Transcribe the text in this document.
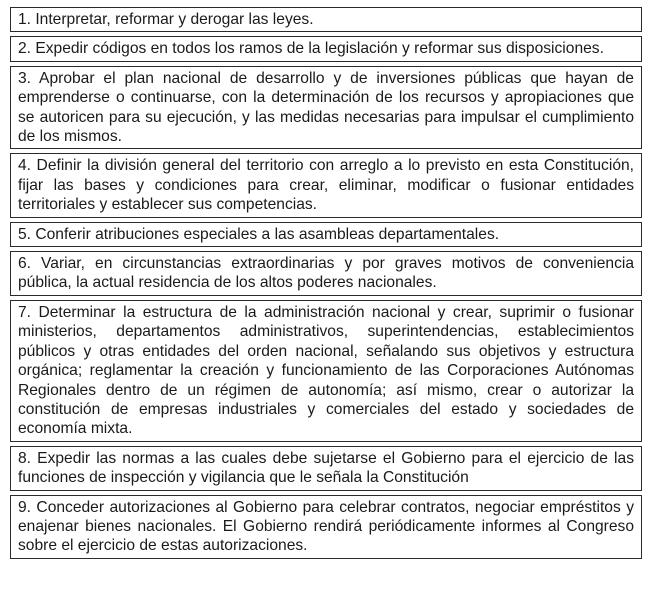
1. Interpretar, reformar y derogar las leyes.
2. Expedir códigos en todos los ramos de la legislación y reformar sus disposiciones.
3. Aprobar el plan nacional de desarrollo y de inversiones públicas que hayan de emprenderse o continuarse, con la determinación de los recursos y apropiaciones que se autoricen para su ejecución, y las medidas necesarias para impulsar el cumplimiento de los mismos.
4. Definir la división general del territorio con arreglo a lo previsto en esta Constitución, fijar las bases y condiciones para crear, eliminar, modificar o fusionar entidades territoriales y establecer sus competencias.
5. Conferir atribuciones especiales a las asambleas departamentales.
6. Variar, en circunstancias extraordinarias y por graves motivos de conveniencia pública, la actual residencia de los altos poderes nacionales.
7. Determinar la estructura de la administración nacional y crear, suprimir o fusionar ministerios, departamentos administrativos, superintendencias, establecimientos públicos y otras entidades del orden nacional, señalando sus objetivos y estructura orgánica; reglamentar la creación y funcionamiento de las Corporaciones Autónomas Regionales dentro de un régimen de autonomía; así mismo, crear o autorizar la constitución de empresas industriales y comerciales del estado y sociedades de economía mixta.
8. Expedir las normas a las cuales debe sujetarse el Gobierno para el ejercicio de las funciones de inspección y vigilancia que le señala la Constitución
9. Conceder autorizaciones al Gobierno para celebrar contratos, negociar empréstitos y enajenar bienes nacionales. El Gobierno rendirá periódicamente informes al Congreso sobre el ejercicio de estas autorizaciones.
